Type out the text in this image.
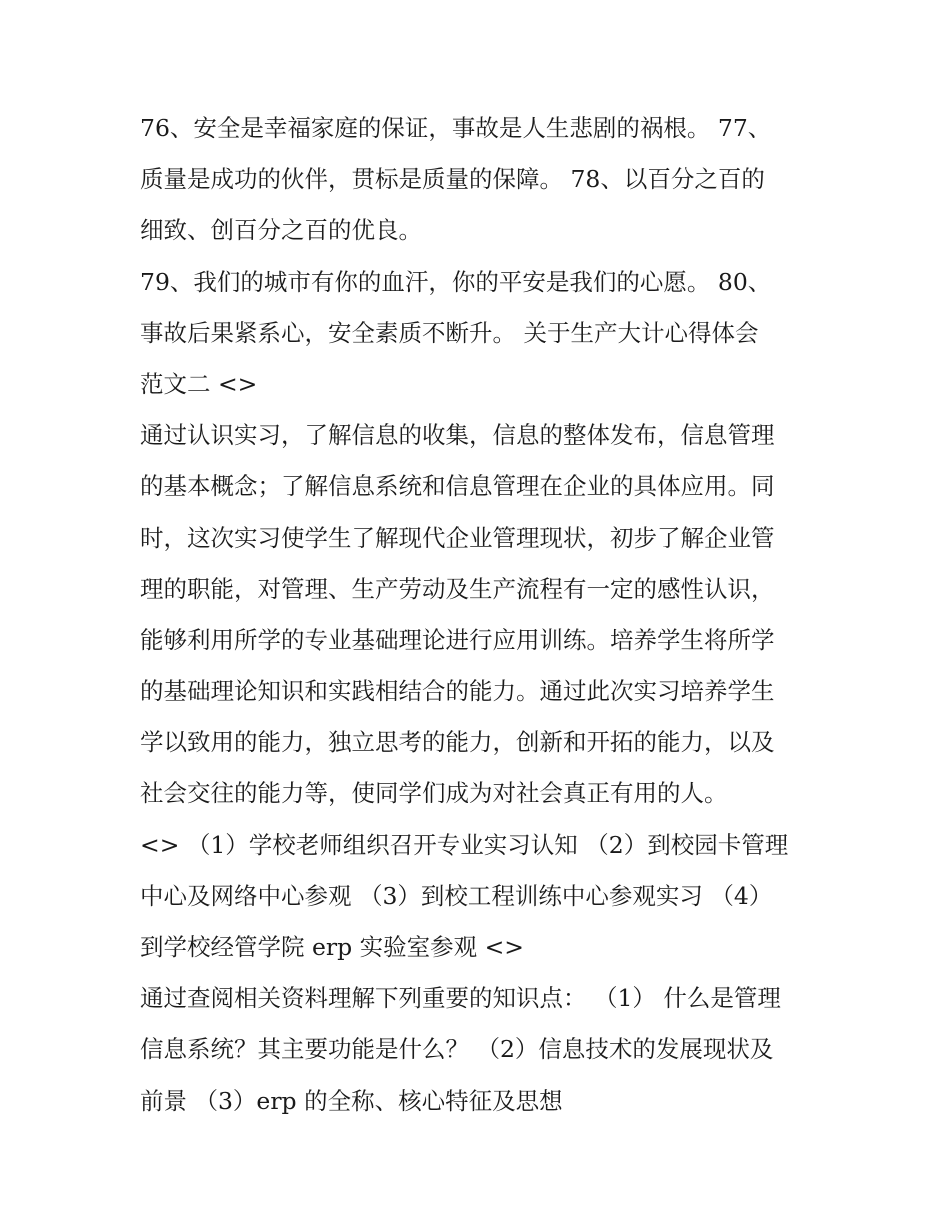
76、安全是幸福家庭的保证，事故是人生悲剧的祸根。 77、
质量是成功的伙伴，贯标是质量的保障。 78、以百分之百的
细致、创百分之百的优良。
79、我们的城市有你的血汗，你的平安是我们的心愿。 80、
事故后果紧系心，安全素质不断升。 关于生产大计心得体会
范文二 <>
通过认识实习，了解信息的收集，信息的整体发布，信息管理
的基本概念；了解信息系统和信息管理在企业的具体应用。同
时，这次实习使学生了解现代企业管理现状，初步了解企业管
理的职能，对管理、生产劳动及生产流程有一定的感性认识，
能够利用所学的专业基础理论进行应用训练。培养学生将所学
的基础理论知识和实践相结合的能力。通过此次实习培养学生
学以致用的能力，独立思考的能力，创新和开拓的能力，以及
社会交往的能力等，使同学们成为对社会真正有用的人。
<> （1）学校老师组织召开专业实习认知 （2）到校园卡管理
中心及网络中心参观 （3）到校工程训练中心参观实习 （4）
到学校经管学院 erp 实验室参观 <>
通过查阅相关资料理解下列重要的知识点： （1） 什么是管理
信息系统？其主要功能是什么？ （2）信息技术的发展现状及
前景 （3）erp 的全称、核心特征及思想
